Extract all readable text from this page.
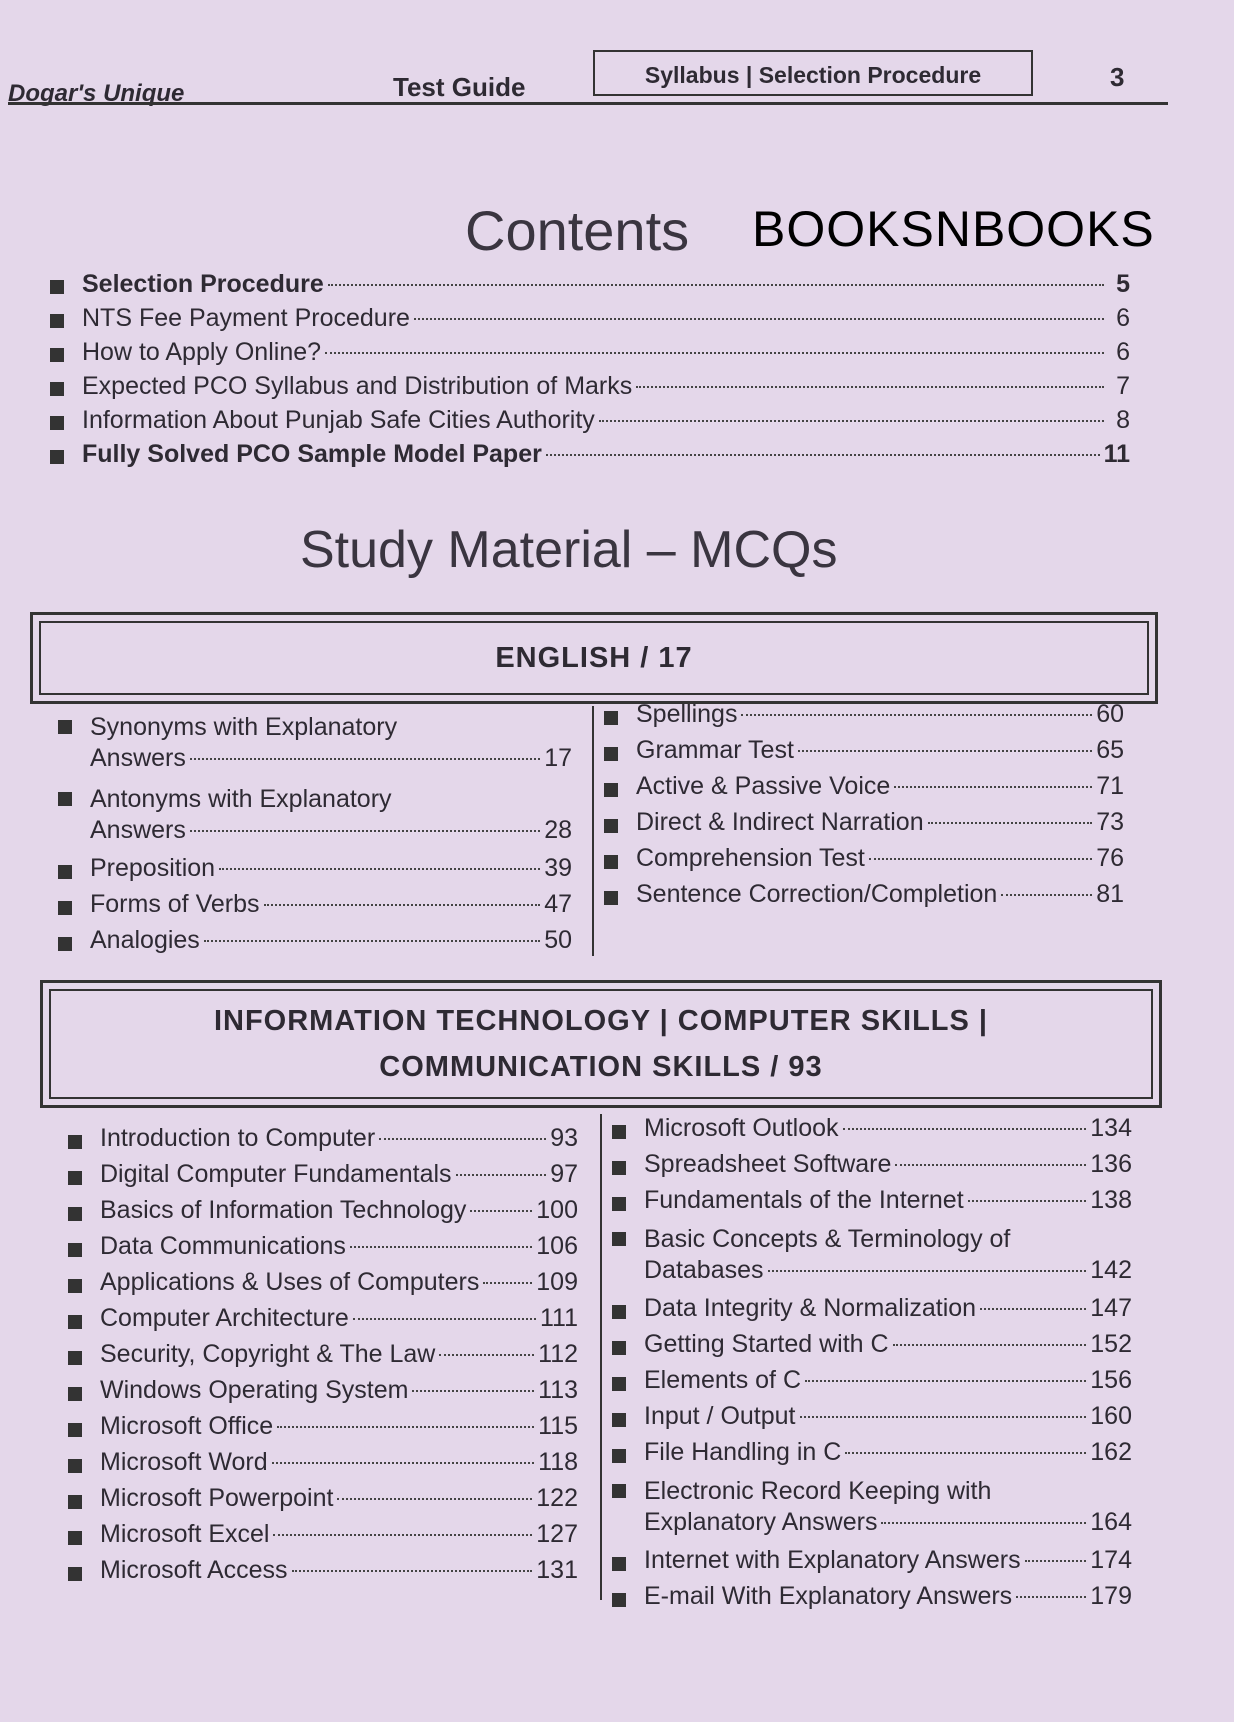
Dogar's Unique	Test Guide	Syllabus | Selection Procedure	3
Contents BOOKSNBOOKS
Selection Procedure	5
NTS Fee Payment Procedure	6
How to Apply Online?	6
Expected PCO Syllabus and Distribution of Marks	7
Information About Punjab Safe Cities Authority	8
Fully Solved PCO Sample Model Paper	11
Study Material – MCQs
ENGLISH / 17
Synonyms with Explanatory
Answers	17
Antonyms with Explanatory
Answers	28
Preposition	39
Forms of Verbs	47
Analogies	50
Spellings	60
Grammar Test	65
Active & Passive Voice	71
Direct & Indirect Narration	73
Comprehension Test	76
Sentence Correction/Completion	81
INFORMATION TECHNOLOGY | COMPUTER SKILLS |
COMMUNICATION SKILLS / 93
Introduction to Computer	93
Digital Computer Fundamentals	97
Basics of Information Technology	100
Data Communications	106
Applications & Uses of Computers 109
Computer Architecture	111
Security, Copyright & The Law	112
Windows Operating System	113
Microsoft Office	115
Microsoft Word	118
Microsoft Powerpoint	122
Microsoft Excel	127
Microsoft Access	131
Microsoft Outlook	134
Spreadsheet Software	136
Fundamentals of the Internet	138
Basic Concepts & Terminology of
Databases	142
Data Integrity & Normalization	147
Getting Started with C	152
Elements of C	156
Input / Output	160
File Handling in C	162
Electronic Record Keeping with
Explanatory Answers	164
Internet with Explanatory Answers	174
E-mail With Explanatory Answers	179
